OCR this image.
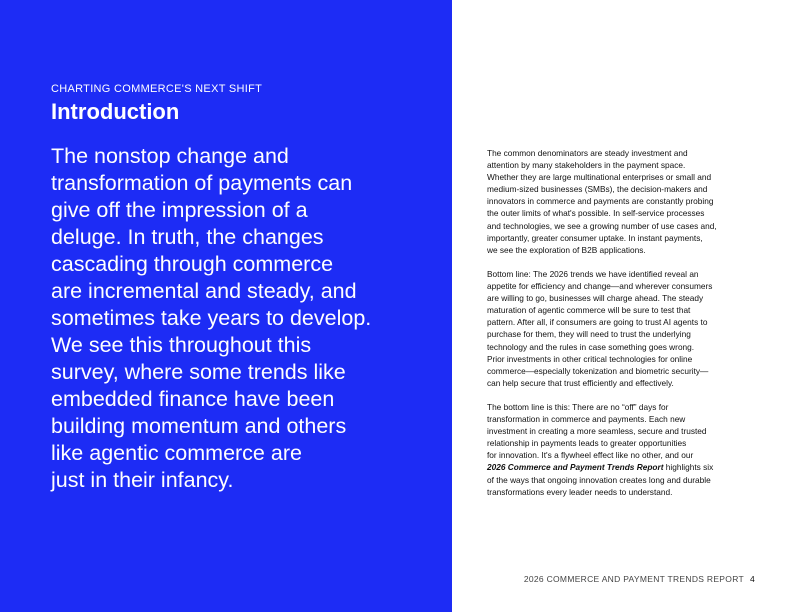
CHARTING COMMERCE'S NEXT SHIFT
Introduction

The nonstop change and
transformation of payments can
give off the impression of a
deluge. In truth, the changes
cascading through commerce
are incremental and steady, and
sometimes take years to develop.
We see this throughout this
survey, where some trends like
embedded finance have been
building momentum and others
like agentic commerce are
just in their infancy.

The common denominators are steady investment and
attention by many stakeholders in the payment space.
Whether they are large multinational enterprises or small and
medium-sized businesses (SMBs), the decision-makers and
innovators in commerce and payments are constantly probing
the outer limits of what's possible. In self-service processes
and technologies, we see a growing number of use cases and,
importantly, greater consumer uptake. In instant payments,
we see the exploration of B2B applications.

Bottom line: The 2026 trends we have identified reveal an
appetite for efficiency and change—and wherever consumers
are willing to go, businesses will charge ahead. The steady
maturation of agentic commerce will be sure to test that
pattern. After all, if consumers are going to trust AI agents to
purchase for them, they will need to trust the underlying
technology and the rules in case something goes wrong.
Prior investments in other critical technologies for online
commerce—especially tokenization and biometric security—
can help secure that trust efficiently and effectively.

The bottom line is this: There are no “off” days for
transformation in commerce and payments. Each new
investment in creating a more seamless, secure and trusted
relationship in payments leads to greater opportunities
for innovation. It's a flywheel effect like no other, and our
2026 Commerce and Payment Trends Report highlights six
of the ways that ongoing innovation creates long and durable
transformations every leader needs to understand.

2026 COMMERCE AND PAYMENT TRENDS REPORT 4
